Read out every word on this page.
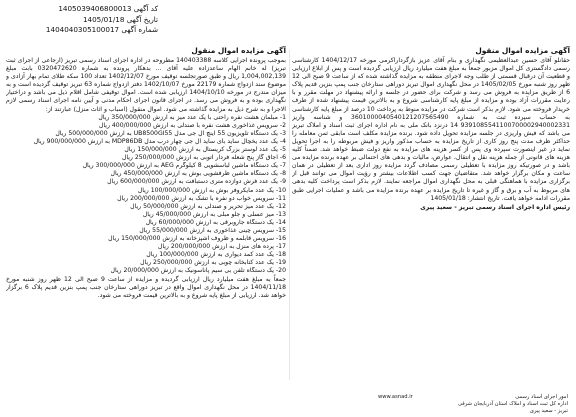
کد آگهی 1405039406800013
تاریخ آگهی 1405/01/18
شماره آگهی 1404040305100017
آگهی مزایده اموال منقول

حقانلو آقای حسین عبدالعظیمی نگهداری و بنام آقای عزیز بازگرداراکرمی مورخه 1404/12/17 کارشناسی رسمی دادگستری کل اموال مزبور جمعاً به مبلغ هفت میلیارد ریال ارزیابی گردیده است و پس از ابلاغ ارزیابی و قطعیت آن درقبال قسمتی از طلب وجه لاجرای منطقه به مزایده گذاشته شده که از ساعت 9 صبح الی 12 ظهر روز شنبه مورخ 1405/02/05 در محل نگهداری اموال تبریز دوراهی ستارخان جنب پمپ بنزین قدیم پلاک 6 از طریق مزایده به فروش می رسد و شرکت برای حضور در جلسه و ارائه پیشنهاد در مهلت مقرر و با رعایت مقررات آزاد بوده و مزایده از مبلغ پایه کارشناسی شروع و به بالاترین قیمت پیشنهاد شده از طرف خریدار فروخته می شود. لازم بذکر است شرکت در مزایده منوط به پرداخت 10 درصد از مبلغ پایه کارشناسی به حساب سپرده ثبت به شماره 3601000040540121207565490 و شناسه واریز 9391085541100700002940002331 14 درنزد بانک ملی به نام اداره اجرای ثبت اسناد و املاک تبریز می باشد که فیش واریزی در جلسه مزایده تحویل داده شود. برنده مزایده مکلف است مابقی ثمن معامله را حداکثر ظرف مدت پنج روز کاری از تاریخ مزایده به حساب مذکور واریز و فیش مربوطه را به اجرا تحویل نماید در غیر اینصورت سپرده وی پس از کسر هزینه های مزایده به نفع دولت ضبط خواهد شد. ضمناً کلیه هزینه های قانونی از جمله هزینه نقل و انتقال، عوارض، مالیات و بدهی های احتمالی بر عهده برنده مزایده می باشد و در صورتیکه روز مزایده با تعطیلی رسمی مصادف گردد مزایده روز اداری بعد از تعطیلی در همان ساعت و مکان برگزار خواهد شد. متقاضیان جهت کسب اطلاعات بیشتر و رؤیت اموال می توانند قبل از برگزاری مزایده با هماهنگی قبلی به محل نگهداری اموال مراجعه نمایند. لازم بذکر است پرداخت کلیه بدهی های مربوط به آب و برق و گاز و غیره تا تاریخ مزایده بر عهده برنده مزایده می باشد و عملیات اجرایی طبق مقررات ادامه خواهد یافت. تاریخ انتشار: 1405/01/18

رئیس اداره اجرای اسناد رسمی تبریز - سعید پیری
آگهی مزایده اموال منقول

بموجب پرونده اجرایی کلاسه 140403388 مطروحه در اداره اجرای اسناد رسمی تبریز (ارجاعی از اجرای ثبت تبریز) له خانم الهام ساعدزاده علیه آقای ... بدهکار پرونده به شماره 0320472620 بابت مبلغ 1,004,002,139 ریال و طبق صورتجلسه توقیف مورخ 1402/12/07 تعداد 100 سکه طلای تمام بهار آزادی و موضوع سند ازدواج شماره 22179 مورخ 1402/10/07 دفتر ازدواج شماره 63 تبریز توقیف گردیده است و به میزان مندرج در مورخه 1404/10/10 ارزیابی شده است. اموال توقیفی شامل اقلام ذیل می باشد و دراختیار نگهداری بوده و به فروش می رسد. در اجرای قانون اجرای احکام مدنی و آیین نامه اجرای اسناد رسمی لازم الاجرا و به شرح ذیل به مزایده گذاشته می شود. اموال منقول (اسباب و اثاث منزل) عبارتند از:

1- مبلمان هشت نفره راحتی با یک عدد میز به ارزش 350/000/000 ریال
2- سرویس غذاخوری هشت نفره با صندلی به ارزش 400/000/000 ریال
3- یک دستگاه تلویزیون 55 اینچ ال جی مدل UB8500GI55 به ارزش 500/000/000 ریال
4- یک عدد یخچال ساید بای ساید ال جی چهار درب مدل MDP86DB به ارزش 900/000/000 ریال
5- یک عدد لوستر بزرگ کریستال به ارزش 150/000/000 ریال
6- اجاق گاز پنج شعله فردار اتوبی به ارزش 250/000/000 ریال
7- یک دستگاه ماشین لباسشویی 8 کیلوگرم AEG به ارزش 300/000/000 ریال
8- یک دستگاه ماشین ظرفشویی بوش به ارزش 450/000/000 ریال
9- یک عدد فرش دوازده متری دستبافت به ارزش 600/000/000 ریال
10- یک عدد مایکروفر بوش به ارزش 100/000/000 ریال
11- سرویس خواب دو نفره با تشک به ارزش 200/000/000 ریال
12- یک عدد میز تحریر و صندلی به ارزش 50/000/000 ریال
13- میز عسلی و جلو مبلی به ارزش 45/000/000 ریال
14- یک دستگاه جاروبرقی به ارزش 60/000/000 ریال
15- سرویس چینی غذاخوری به ارزش 55/000/000 ریال
16- سرویس قابلمه و ظروف آشپزخانه به ارزش 150/000/000 ریال
17- پرده های منزل به ارزش 200/000/000 ریال
18- یک عدد کمد دیواری به ارزش 100/000/000 ریال
19- یک عدد کتابخانه چوبی به ارزش 250/000/000 ریال
20- یک دستگاه تلفن بی سیم پاناسونیک به ارزش 20/000/000 ریال

جمعاً به مبلغ هفت میلیارد ریال ارزیابی گردیده و مزایده از ساعت 9 صبح الی 12 ظهر روز شنبه مورخ 1404/11/18 در محل نگهداری اموال واقع در تبریز دوراهی ستارخان جنب پمپ بنزین قدیم پلاک 6 برگزار خواهد شد. ارزیابی از مبلغ پایه شروع و به بالاترین قیمت فروخته می شود.

امور اجرای اسناد رسمی
www.asnad.ir
اداره کل ثبت اسناد و املاک استان آذربایجان شرقی
تبریز - سعید پیری
